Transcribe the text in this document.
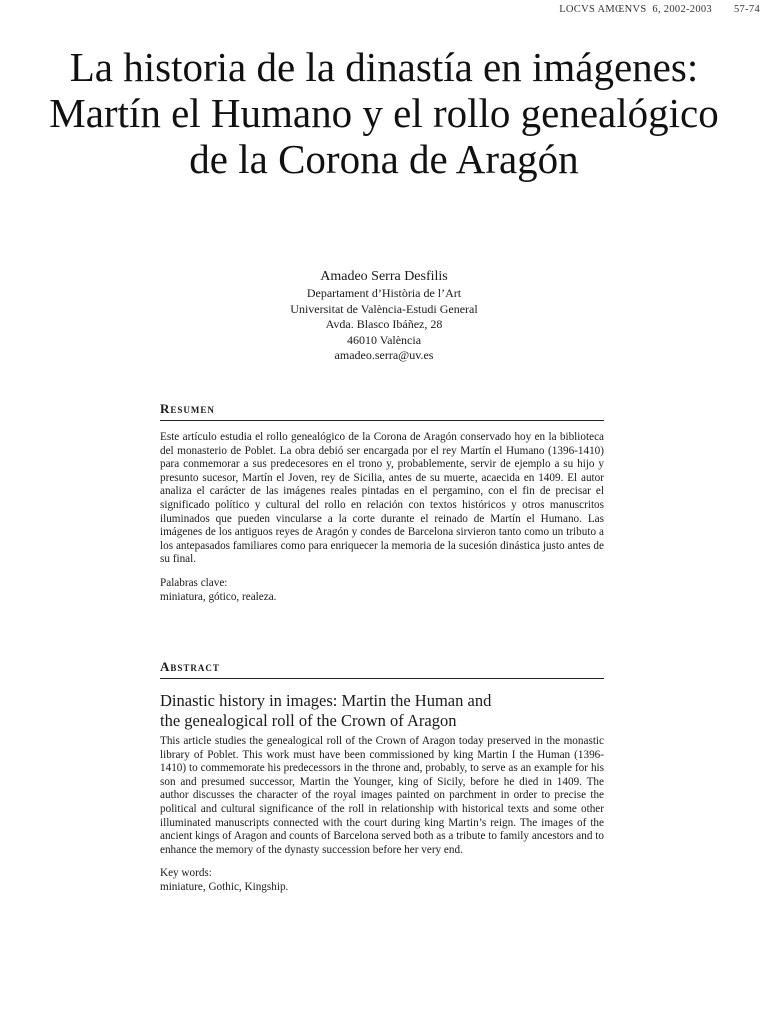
LOCVS AMŒNVS 6, 2002-2003 57-74
La historia de la dinastía en imágenes:
Martín el Humano y el rollo genealógico
de la Corona de Aragón
Amadeo Serra Desfilis
Departament d’Història de l’Art
Universitat de València-Estudi General
Avda. Blasco Ibáñez, 28
46010 València
amadeo.serra@uv.es
Resumen

Este artículo estudia el rollo genealógico de la Corona de Aragón conservado hoy en la biblioteca del monasterio de Poblet. La obra debió ser encargada por el rey Martín el Humano (1396-1410) para conmemorar a sus predecesores en el trono y, probablemente, servir de ejemplo a su hijo y presunto sucesor, Martín el Joven, rey de Sicilia, antes de su muerte, acaecida en 1409. El autor analiza el carácter de las imágenes reales pintadas en el pergamino, con el fin de precisar el significado político y cultural del rollo en relación con textos históricos y otros manuscritos iluminados que pueden vincularse a la corte durante el reinado de Martín el Humano. Las imágenes de los antiguos reyes de Aragón y condes de Barcelona sirvieron tanto como un tributo a los antepasados familiares como para enriquecer la memoria de la sucesión dinástica justo antes de su final.

Palabras clave:
miniatura, gótico, realeza.
Abstract
Dinastic history in images: Martin the Human and
the genealogical roll of the Crown of Aragon

This article studies the genealogical roll of the Crown of Aragon today preserved in the monastic library of Poblet. This work must have been commissioned by king Martin I the Human (1396-1410) to commemorate his predecessors in the throne and, probably, to serve as an example for his son and presumed successor, Martin the Younger, king of Sicily, before he died in 1409. The author discusses the character of the royal images painted on parchment in order to precise the political and cultural significance of the roll in relationship with historical texts and some other illuminated manuscripts connected with the court during king Martin’s reign. The images of the ancient kings of Aragon and counts of Barcelona served both as a tribute to family ancestors and to enhance the memory of the dynasty succession before her very end.

Key words:
miniature, Gothic, Kingship.
